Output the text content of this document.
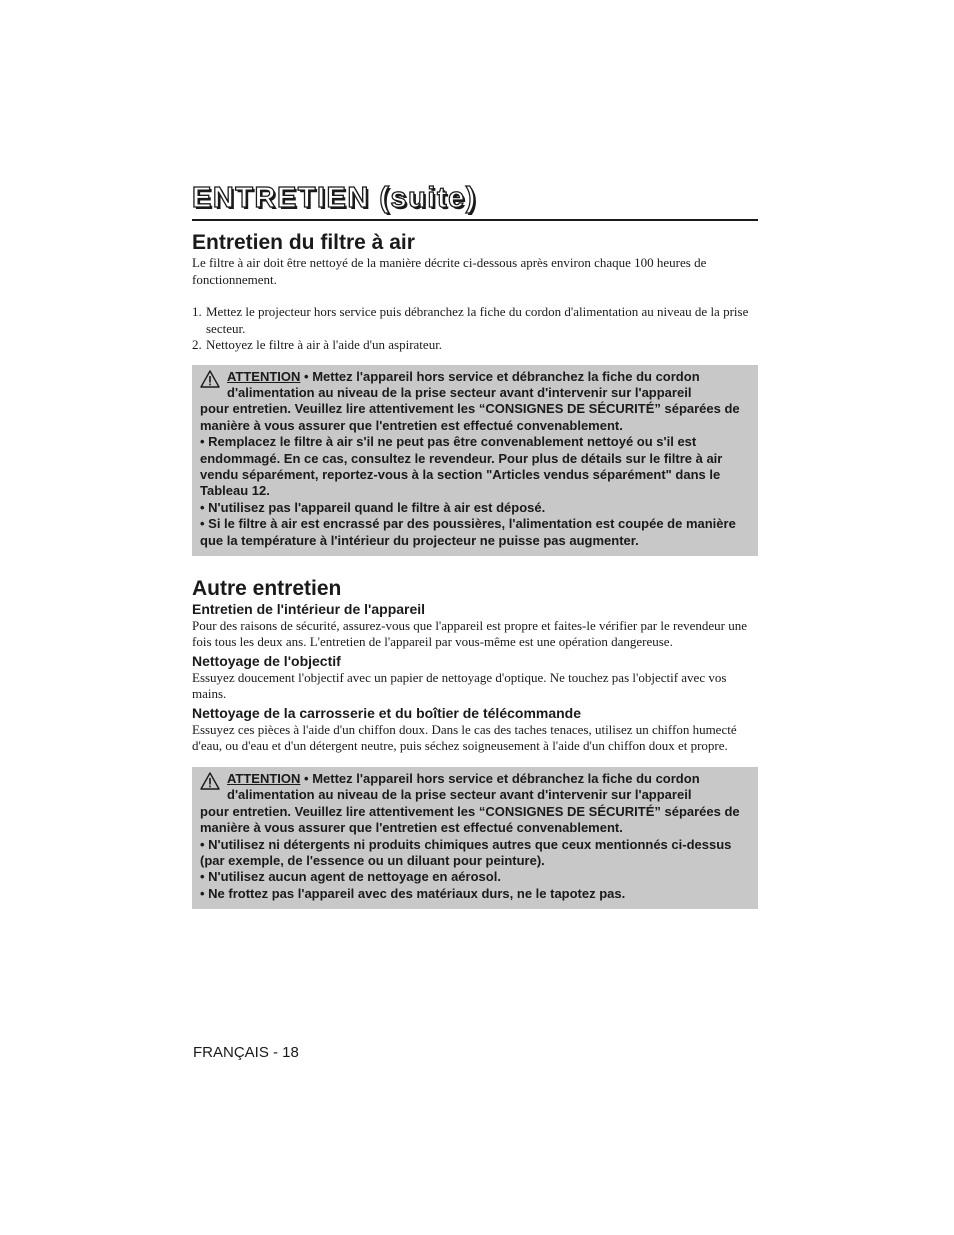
ENTRETIEN (suite)
Entretien du filtre à air

Le filtre à air doit être nettoyé de la manière décrite ci-dessous après environ chaque 100 heures de fonctionnement.

1. Mettez le projecteur hors service puis débranchez la fiche du cordon d'alimentation au niveau de la prise secteur.
2. Nettoyez le filtre à air à l'aide d'un aspirateur.
ATTENTION • Mettez l'appareil hors service et débranchez la fiche du cordon d'alimentation au niveau de la prise secteur avant d'intervenir sur l'appareil

pour entretien. Veuillez lire attentivement les “CONSIGNES DE SÉCURITÉ” séparées de manière à vous assurer que l'entretien est effectué convenablement.

• Remplacez le filtre à air s'il ne peut pas être convenablement nettoyé ou s'il est endommagé. En ce cas, consultez le revendeur. Pour plus de détails sur le filtre à air vendu séparément, reportez-vous à la section "Articles vendus séparément" dans le Tableau 12.

• N'utilisez pas l'appareil quand le filtre à air est déposé.

• Si le filtre à air est encrassé par des poussières, l'alimentation est coupée de manière que la température à l'intérieur du projecteur ne puisse pas augmenter.

Autre entretien
Entretien de l'intérieur de l'appareil

Pour des raisons de sécurité, assurez-vous que l'appareil est propre et faites-le vérifier par le revendeur une fois tous les deux ans. L'entretien de l'appareil par vous-même est une opération dangereuse.

Nettoyage de l'objectif

Essuyez doucement l'objectif avec un papier de nettoyage d'optique. Ne touchez pas l'objectif avec vos mains.

Nettoyage de la carrosserie et du boîtier de télécommande

Essuyez ces pièces à l'aide d'un chiffon doux. Dans le cas des taches tenaces, utilisez un chiffon humecté d'eau, ou d'eau et d'un détergent neutre, puis séchez soigneusement à l'aide d'un chiffon doux et propre.

ATTENTION • Mettez l'appareil hors service et débranchez la fiche du cordon d'alimentation au niveau de la prise secteur avant d'intervenir sur l'appareil

pour entretien. Veuillez lire attentivement les “CONSIGNES DE SÉCURITÉ” séparées de manière à vous assurer que l'entretien est effectué convenablement.

• N'utilisez ni détergents ni produits chimiques autres que ceux mentionnés ci-dessus (par exemple, de l'essence ou un diluant pour peinture).

• N'utilisez aucun agent de nettoyage en aérosol.

• Ne frottez pas l'appareil avec des matériaux durs, ne le tapotez pas.

FRANÇAIS - 18
